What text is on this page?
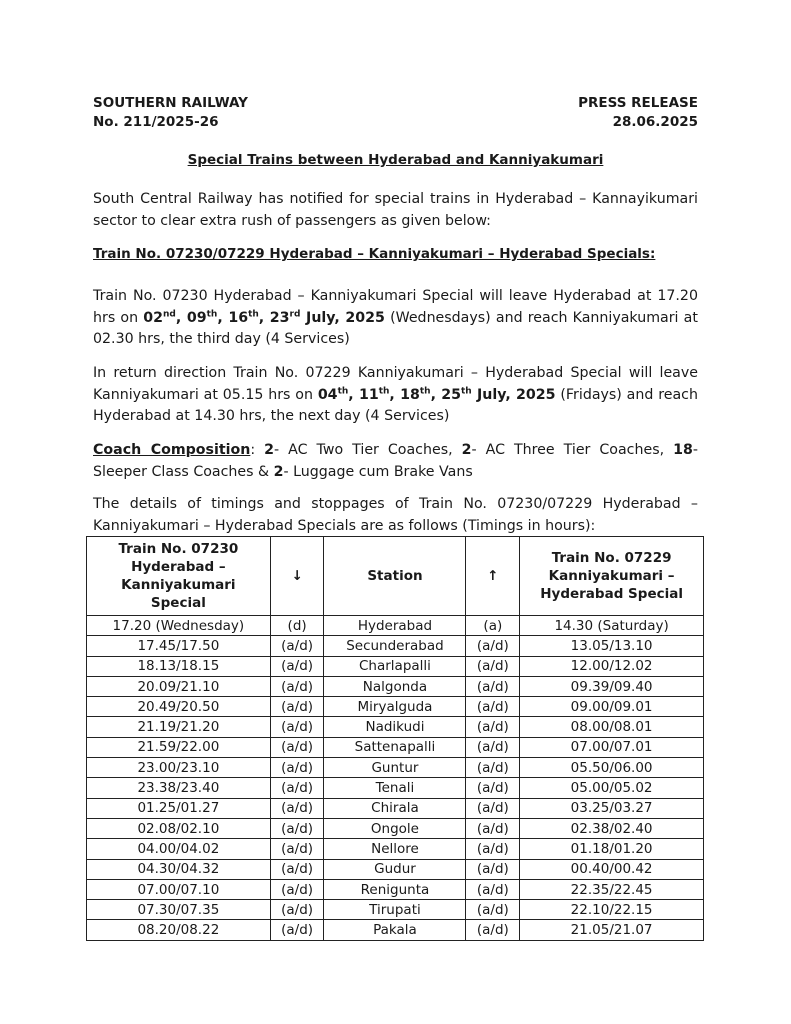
SOUTHERN RAILWAY	PRESS RELEASE
No. 211/2025-26	28.06.2025
Special Trains between Hyderabad and Kanniyakumari
South Central Railway has notified for special trains in Hyderabad – Kannayikumari sector to clear extra rush of passengers as given below:
Train No. 07230/07229 Hyderabad – Kanniyakumari – Hyderabad Specials:
Train No. 07230 Hyderabad – Kanniyakumari Special will leave Hyderabad at 17.20 hrs on 02nd, 09th, 16th, 23rd July, 2025 (Wednesdays) and reach Kanniyakumari at 02.30 hrs, the third day (4 Services)
In return direction Train No. 07229 Kanniyakumari – Hyderabad Special will leave Kanniyakumari at 05.15 hrs on 04th, 11th, 18th, 25th July, 2025 (Fridays) and reach Hyderabad at 14.30 hrs, the next day (4 Services)
Coach Composition: 2- AC Two Tier Coaches, 2- AC Three Tier Coaches, 18- Sleeper Class Coaches & 2- Luggage cum Brake Vans
The details of timings and stoppages of Train No. 07230/07229 Hyderabad – Kanniyakumari – Hyderabad Specials are as follows (Timings in hours):
Train No. 07230 Hyderabad – Kanniyakumari Special	↓	Station	↑	Train No. 07229 Kanniyakumari – Hyderabad Special
17.20 (Wednesday)	(d)	Hyderabad	(a)	14.30 (Saturday)
17.45/17.50	(a/d)	Secunderabad	(a/d)	13.05/13.10
18.13/18.15	(a/d)	Charlapalli	(a/d)	12.00/12.02
20.09/21.10	(a/d)	Nalgonda	(a/d)	09.39/09.40
20.49/20.50	(a/d)	Miryalguda	(a/d)	09.00/09.01
21.19/21.20	(a/d)	Nadikudi	(a/d)	08.00/08.01
21.59/22.00	(a/d)	Sattenapalli	(a/d)	07.00/07.01
23.00/23.10	(a/d)	Guntur	(a/d)	05.50/06.00
23.38/23.40	(a/d)	Tenali	(a/d)	05.00/05.02
01.25/01.27	(a/d)	Chirala	(a/d)	03.25/03.27
02.08/02.10	(a/d)	Ongole	(a/d)	02.38/02.40
04.00/04.02	(a/d)	Nellore	(a/d)	01.18/01.20
04.30/04.32	(a/d)	Gudur	(a/d)	00.40/00.42
07.00/07.10	(a/d)	Renigunta	(a/d)	22.35/22.45
07.30/07.35	(a/d)	Tirupati	(a/d)	22.10/22.15
08.20/08.22	(a/d)	Pakala	(a/d)	21.05/21.07
